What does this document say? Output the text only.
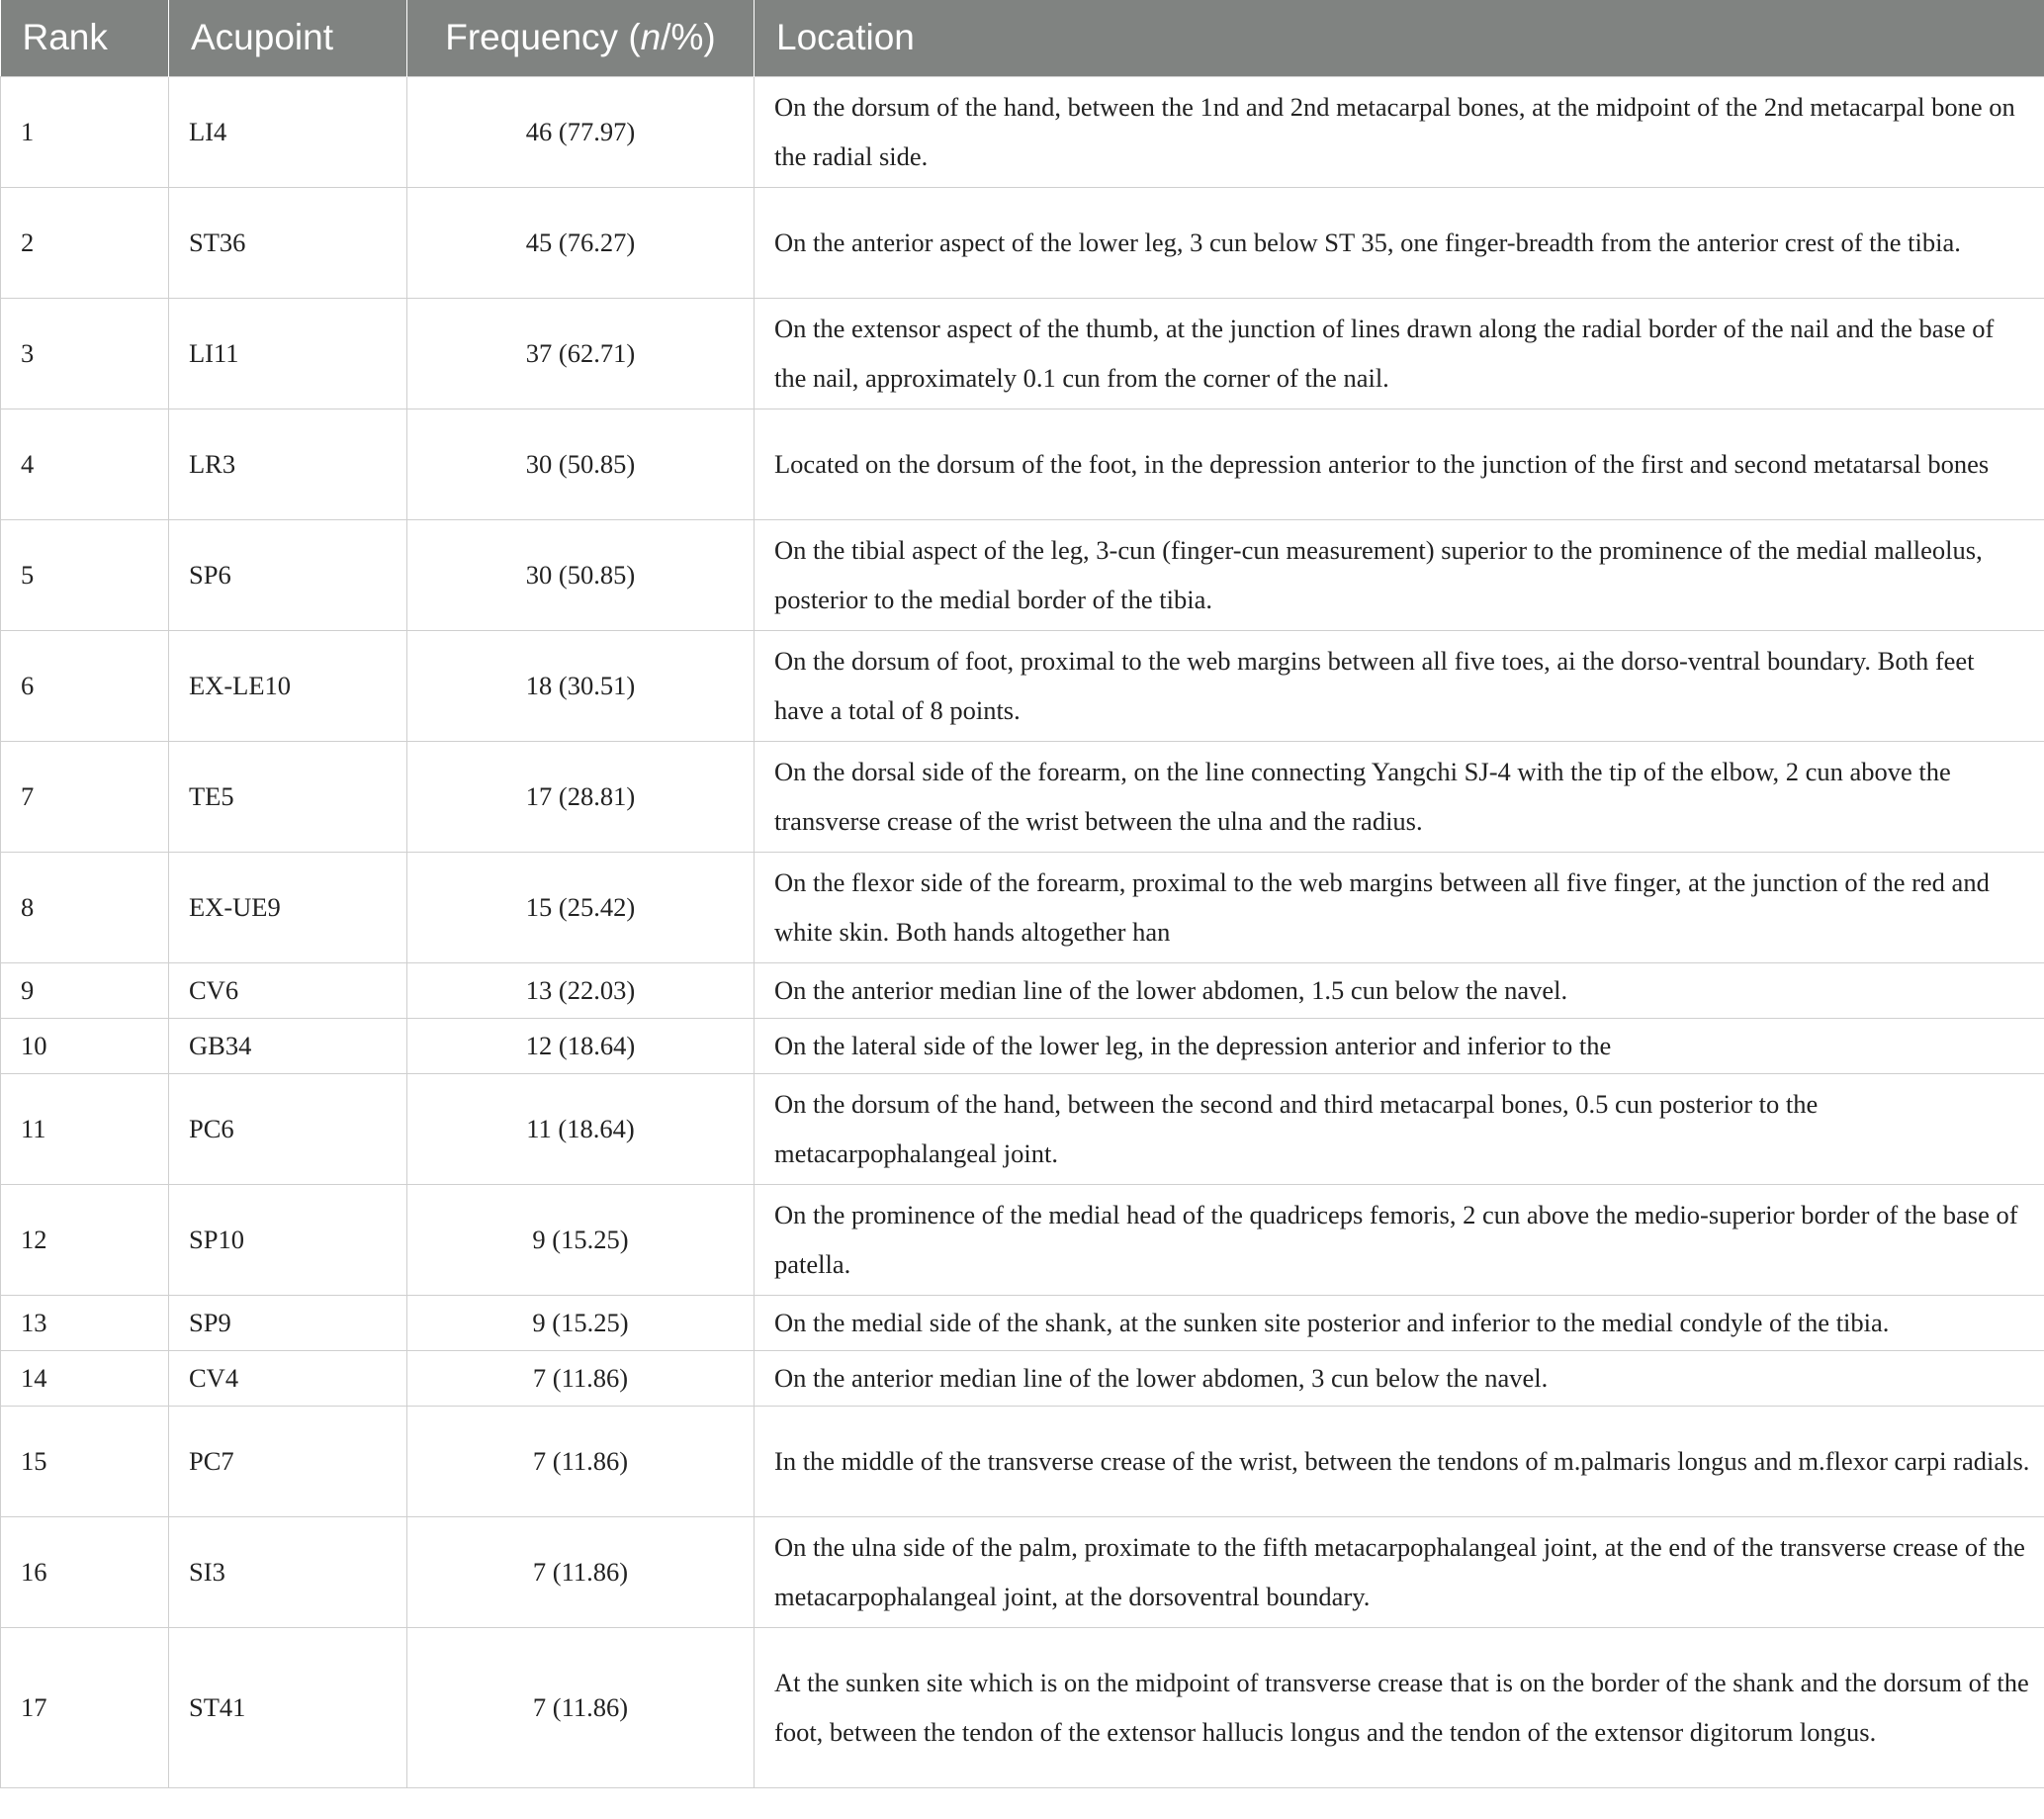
Rank	Acupoint	Frequency (n/%)	Location
1	LI4	46 (77.97)	On the dorsum of the hand, between the 1nd and 2nd metacarpal bones, at the midpoint of the 2nd metacarpal bone on the radial side.
2	ST36	45 (76.27)	On the anterior aspect of the lower leg, 3 cun below ST 35, one finger-breadth from the anterior crest of the tibia.
3	LI11	37 (62.71)	On the extensor aspect of the thumb, at the junction of lines drawn along the radial border of the nail and the base of the nail, approximately 0.1 cun from the corner of the nail.
4	LR3	30 (50.85)	Located on the dorsum of the foot, in the depression anterior to the junction of the first and second metatarsal bones
5	SP6	30 (50.85)	On the tibial aspect of the leg, 3-cun (finger-cun measurement) superior to the prominence of the medial malleolus, posterior to the medial border of the tibia.
6	EX-LE10	18 (30.51)	On the dorsum of foot, proximal to the web margins between all five toes, ai the dorso-ventral boundary. Both feet have a total of 8 points.
7	TE5	17 (28.81)	On the dorsal side of the forearm, on the line connecting Yangchi SJ-4 with the tip of the elbow, 2 cun above the transverse crease of the wrist between the ulna and the radius.
8	EX-UE9	15 (25.42)	On the flexor side of the forearm, proximal to the web margins between all five finger, at the junction of the red and white skin. Both hands altogether han
9	CV6	13 (22.03)	On the anterior median line of the lower abdomen, 1.5 cun below the navel.
10	GB34	12 (18.64)	On the lateral side of the lower leg, in the depression anterior and inferior to the
11	PC6	11 (18.64)	On the dorsum of the hand, between the second and third metacarpal bones, 0.5 cun posterior to the metacarpophalangeal joint.
12	SP10	9 (15.25)	On the prominence of the medial head of the quadriceps femoris, 2 cun above the medio-superior border of the base of patella.
13	SP9	9 (15.25)	On the medial side of the shank, at the sunken site posterior and inferior to the medial condyle of the tibia.
14	CV4	7 (11.86)	On the anterior median line of the lower abdomen, 3 cun below the navel.
15	PC7	7 (11.86)	In the middle of the transverse crease of the wrist, between the tendons of m.palmaris longus and m.flexor carpi radials.
16	SI3	7 (11.86)	On the ulna side of the palm, proximate to the fifth metacarpophalangeal joint, at the end of the transverse crease of the metacarpophalangeal joint, at the dorsoventral boundary.
17	ST41	7 (11.86)	At the sunken site which is on the midpoint of transverse crease that is on the border of the shank and the dorsum of the foot, between the tendon of the extensor hallucis longus and the tendon of the extensor digitorum longus.
